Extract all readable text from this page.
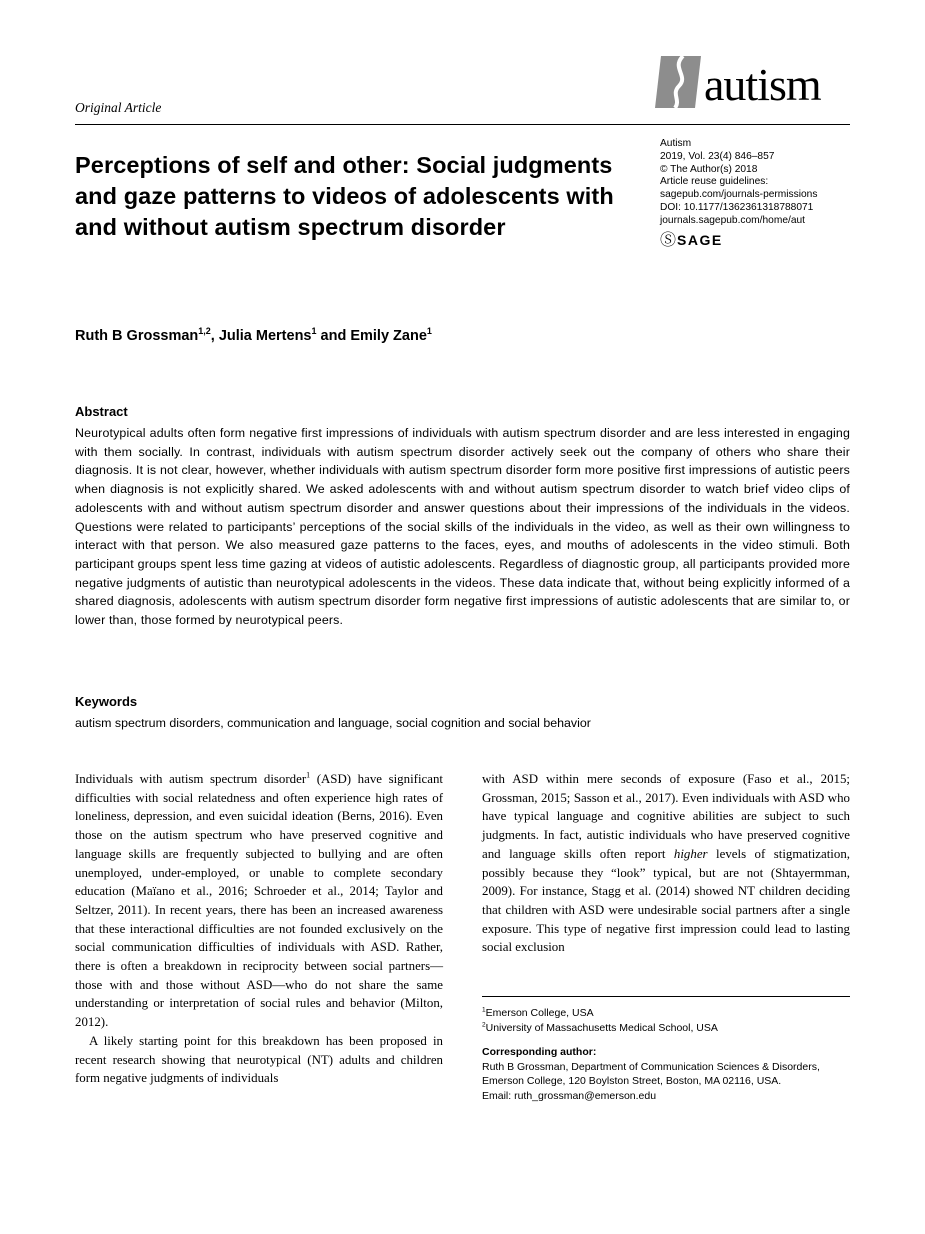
Original Article	autism
Autism
2019, Vol. 23(4) 846–857
© The Author(s) 2018
Article reuse guidelines:
sagepub.com/journals-permissions
DOI: 10.1177/1362361318788071
journals.sagepub.com/home/aut
Ⓢ SAGE
Perceptions of self and other: Social judgments and gaze patterns to videos of adolescents with and without autism spectrum disorder
Ruth B Grossman$^{1,2}$, Julia Mertens$^1$ and Emily Zane$^1$
Abstract
Neurotypical adults often form negative first impressions of individuals with autism spectrum disorder and are less interested in engaging with them socially. In contrast, individuals with autism spectrum disorder actively seek out the company of others who share their diagnosis. It is not clear, however, whether individuals with autism spectrum disorder form more positive first impressions of autistic peers when diagnosis is not explicitly shared. We asked adolescents with and without autism spectrum disorder to watch brief video clips of adolescents with and without autism spectrum disorder and answer questions about their impressions of the individuals in the videos. Questions were related to participants’ perceptions of the social skills of the individuals in the video, as well as their own willingness to interact with that person. We also measured gaze patterns to the faces, eyes, and mouths of adolescents in the video stimuli. Both participant groups spent less time gazing at videos of autistic adolescents. Regardless of diagnostic group, all participants provided more negative judgments of autistic than neurotypical adolescents in the videos. These data indicate that, without being explicitly informed of a shared diagnosis, adolescents with autism spectrum disorder form negative first impressions of autistic adolescents that are similar to, or lower than, those formed by neurotypical peers.
Keywords
autism spectrum disorders, communication and language, social cognition and social behavior

Individuals with autism spectrum disorder$^1$ (ASD) have significant difficulties with social relatedness and often experience high rates of loneliness, depression, and even suicidal ideation (Berns, 2016). Even those on the autism spectrum who have preserved cognitive and language skills are frequently subjected to bullying and are often unemployed, under-employed, or unable to complete secondary education (Maïano et al., 2016; Schroeder et al., 2014; Taylor and Seltzer, 2011). In recent years, there has been an increased awareness that these interactional difficulties are not founded exclusively on the social communication difficulties of individuals with ASD. Rather, there is often a breakdown in reciprocity between social partners—those with and those without ASD—who do not share the same understanding or interpretation of social rules and behavior (Milton, 2012).

A likely starting point for this breakdown has been proposed in recent research showing that neurotypical (NT) adults and children form negative judgments of individuals

with ASD within mere seconds of exposure (Faso et al., 2015; Grossman, 2015; Sasson et al., 2017). Even individuals with ASD who have typical language and cognitive abilities are subject to such judgments. In fact, autistic individuals who have preserved cognitive and language skills often report higher levels of stigmatization, possibly because they “look” typical, but are not (Shtayermman, 2009). For instance, Stagg et al. (2014) showed NT children deciding that children with ASD were undesirable social partners after a single exposure. This type of negative first impression could lead to lasting social exclusion

$^1$Emerson College, USA
$^2$University of Massachusetts Medical School, USA
Corresponding author:
Ruth B Grossman, Department of Communication Sciences & Disorders, Emerson College, 120 Boylston Street, Boston, MA 02116, USA.
Email: ruth_grossman@emerson.edu
